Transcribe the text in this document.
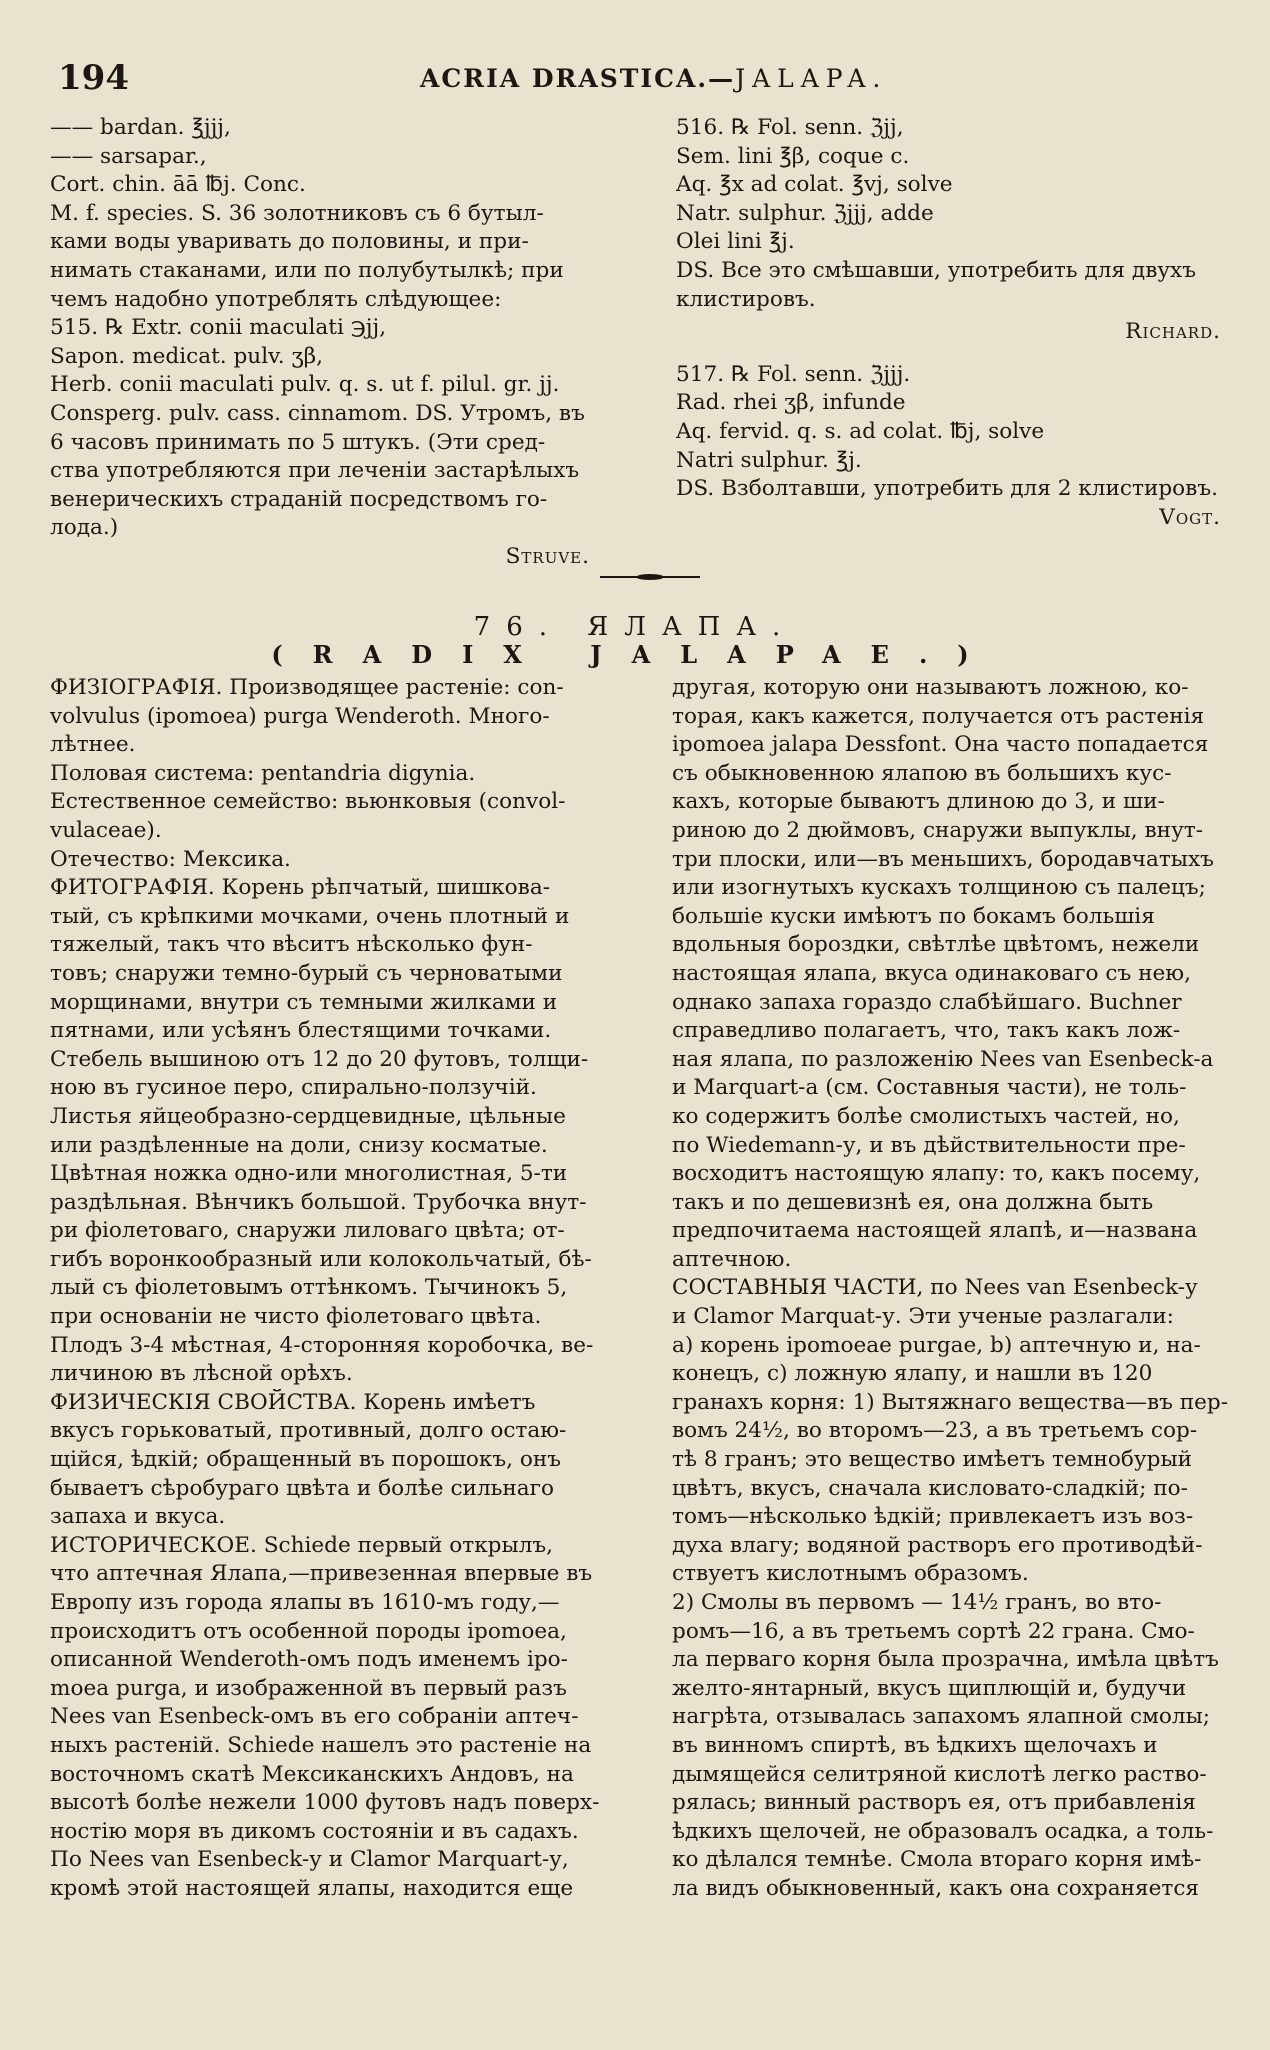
194	ACRIA DRASTICA.—JALAPA.
—— bardan. ℥jjj,
—— sarsapar.,
Cort. chin. āā ℔j. Conc.
M. f. species. S. 36 золотниковъ съ 6 бутыл-
ками воды уваривать до половины, и при-
нимать стаканами, или по полубутылкѣ; при
чемъ надобно употреблять слѣдующее:
515. ℞ Extr. conii maculati ℈jj,
Sapon. medicat. pulv. ʒβ,
Herb. conii maculati pulv. q. s. ut f. pilul. gr. jj.
Consperg. pulv. cass. cinnamom. DS. Утромъ, въ
6 часовъ принимать по 5 штукъ. (Эти сред-
ства употребляются при леченіи застарѣлыхъ
венерическихъ страданій посредствомъ го-
лода.)
Struve.
516. ℞ Fol. senn. ℨjj,
Sem. lini ℥β, coque c.
Aq. ℥x ad colat. ℥vj, solve
Natr. sulphur. ℨjjj, adde
Olei lini ℥j.
DS. Все это смѣшавши, употребить для двухъ
клистировъ.
Richard.
517. ℞ Fol. senn. ℨjjj.
Rad. rhei ʒβ, infunde
Aq. fervid. q. s. ad colat. ℔j, solve
Natri sulphur. ℥j.
DS. Взболтавши, употребить для 2 клистировъ.
Vogt.
76. ЯЛАПА.
(RADIX JALAPAE.)
ФИЗІОГРАФІЯ. Производящее растеніе: con-
volvulus (ipomoea) purga Wenderoth. Много-
лѣтнее.
Половая система: pentandria digynia.
Естественное семейство: вьюнковыя (convol-
vulaceae).
Отечество: Мексика.
ФИТОГРАФІЯ. Корень рѣпчатый, шишковa-
тый, съ крѣпкими мочками, очень плотный и
тяжелый, такъ что вѣситъ нѣсколько фун-
товъ; снаружи темно-бурый съ черноватыми
морщинами, внутри съ темными жилками и
пятнами, или усѣянъ блестящими точками.
Стебель вышиною отъ 12 до 20 футовъ, толщи-
ною въ гусиное перо, спирально-ползучій.
Листья яйцеобразно-сердцевидные, цѣльные
или раздѣленные на доли, снизу косматые.
Цвѣтная ножка одно-или многолистная, 5-ти
раздѣльная. Вѣнчикъ большой. Трубочка внут-
ри фіолетоваго, снаружи лиловаго цвѣта; от-
гибъ воронкообразный или колокольчатый, бѣ-
лый съ фіолетовымъ оттѣнкомъ. Тычинокъ 5,
при основаніи не чисто фіолетоваго цвѣта.
Плодъ 3-4 мѣстная, 4-сторонняя коробочка, ве-
личиною въ лѣсной орѣхъ.
ФИЗИЧЕСКІЯ СВОЙСТВА. Корень имѣетъ
вкусъ горьковатый, противный, долго остаю-
щійся, ѣдкій; обращенный въ порошокъ, онъ
бываетъ сѣробураго цвѣта и болѣе сильнаго
запаха и вкуса.
ИСТОРИЧЕСКОЕ. Schiede первый открылъ,
что аптечная Ялапа,—привезенная впервые въ
Европу изъ города ялапы въ 1610-мъ году,—
происходитъ отъ особенной породы ipomoea,
описанной Wenderoth-омъ подъ именемъ ipo-
moea purga, и изображенной въ первый разъ
Nees van Esenbeck-омъ въ его собраніи аптеч-
ныхъ растеній. Schiede нашелъ это растеніе на
восточномъ скатѣ Мексиканскихъ Андовъ, на
высотѣ болѣе нежели 1000 футовъ надъ поверх-
ностію моря въ дикомъ состояніи и въ садахъ.
По Nees van Esenbeck-у и Clamor Marquart-у,
кромѣ этой настоящей ялапы, находится еще
другая, которую они называютъ ложною, ко-
торая, какъ кажется, получается отъ растенія
ipomoea jalapa Dessfont. Она часто попадается
съ обыкновенною ялапою въ большихъ кус-
кахъ, которые бываютъ длиною до 3, и ши-
риною до 2 дюймовъ, снаружи выпуклы, внут-
три плоски, или—въ меньшихъ, бородавчатыхъ
или изогнутыхъ кускахъ толщиною съ палецъ;
большіе куски имѣютъ по бокамъ большія
вдольныя бороздки, свѣтлѣе цвѣтомъ, нежели
настоящая ялапа, вкуса одинаковаго съ нею,
однако запаха гораздо слабѣйшаго. Buchner
справедливо полагаетъ, что, такъ какъ лож-
ная ялапа, по разложенію Nees van Esenbeck-а
и Marquart-а (см. Составныя части), не толь-
ко содержитъ болѣе смолистыхъ частей, но,
по Wiedemann-у, и въ дѣйствительности пре-
восходитъ настоящую ялапу: то, какъ посему,
такъ и по дешевизнѣ ея, она должна быть
предпочитаема настоящей ялапѣ, и—названа
аптечною.
СОСТАВНЫЯ ЧАСТИ, по Nees van Esenbeck-у
и Clamor Marquat-у. Эти ученые разлагали:
a) корень ipomoeae purgae, b) аптечную и, на-
конецъ, c) ложную ялапу, и нашли въ 120
гранахъ корня: 1) Вытяжнаго вещества—въ пер-
вомъ 24½, во второмъ—23, а въ третьемъ сор-
тѣ 8 гранъ; это вещество имѣетъ темнобурый
цвѣтъ, вкусъ, сначала кисловато-сладкій; по-
томъ—нѣсколько ѣдкій; привлекаетъ изъ воз-
духа влагу; водяной растворъ его противодѣй-
ствуетъ кислотнымъ образомъ.
2) Смолы въ первомъ — 14½ гранъ, во вто-
ромъ—16, а въ третьемъ сортѣ 22 грана. Смо-
ла перваго корня была прозрачна, имѣла цвѣтъ
желто-янтарный, вкусъ щиплющій и, будучи
нагрѣта, отзывалась запахомъ ялапной смолы;
въ винномъ спиртѣ, въ ѣдкихъ щелочахъ и
дымящейся селитряной кислотѣ легко раство-
рялась; винный растворъ ея, отъ прибавленія
ѣдкихъ щелочей, не образовалъ осадка, а толь-
ко дѣлался темнѣе. Смола втораго корня имѣ-
ла видъ обыкновенный, какъ она сохраняется
